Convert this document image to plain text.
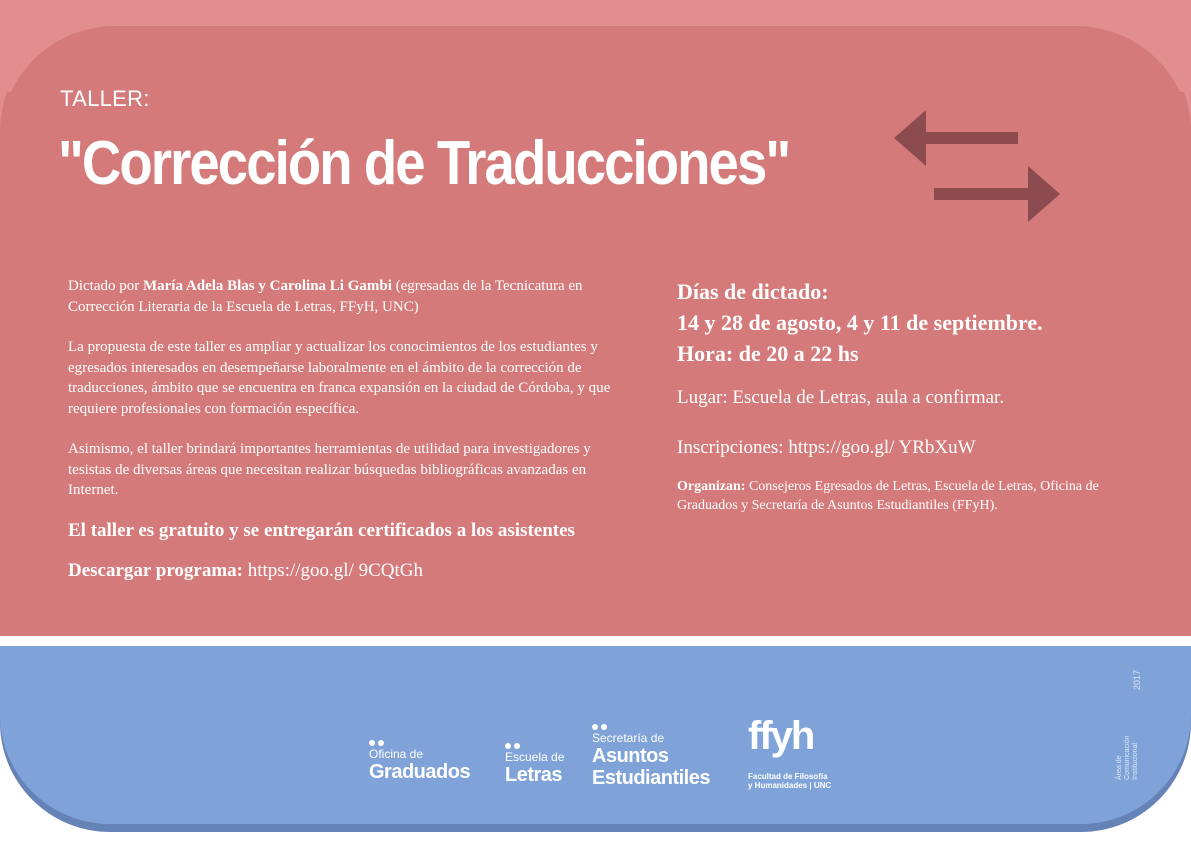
TALLER:
"Corrección de Traducciones"

Dictado por María Adela Blas y Carolina Li Gambi (egresadas de la Tecnicatura en Corrección Literaria de la Escuela de Letras, FFyH, UNC)

La propuesta de este taller es ampliar y actualizar los conocimientos de los estudiantes y egresados interesados en desempeñarse laboralmente en el ámbito de la corrección de traducciones, ámbito que se encuentra en franca expansión en la ciudad de Córdoba, y que requiere profesionales con formación específica.

Asimismo, el taller brindará importantes herramientas de utilidad para investigadores y tesistas de diversas áreas que necesitan realizar búsquedas bibliográficas avanzadas en Internet.

El taller es gratuito y se entregarán certificados a los asistentes

Descargar programa: https://goo.gl/ 9CQtGh

Días de dictado:
14 y 28 de agosto, 4 y 11 de septiembre.
Hora: de 20 a 22 hs
Lugar: Escuela de Letras, aula a confirmar.
Inscripciones: https://goo.gl/ YRbXuW
Organizan: Consejeros Egresados de Letras, Escuela de Letras, Oficina de Graduados y Secretaría de Asuntos Estudiantiles (FFyH).
Oficina de
Graduados
Escuela de
Letras
Secretaría de
Asuntos
Estudiantiles
ffyh
Facultad de Filosofía
y Humanidades | UNC
2017
Área de Comunicación Institucional
